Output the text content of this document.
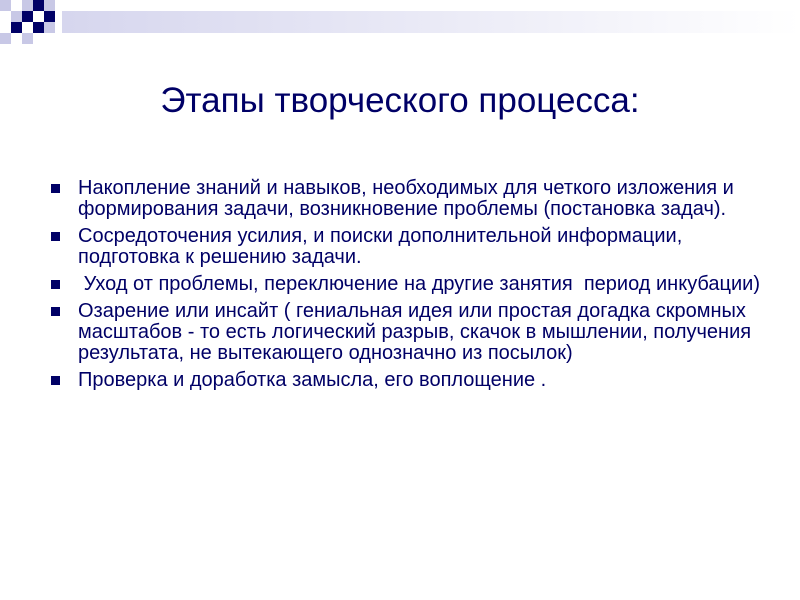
Этапы творческого процесса:
Накопление знаний и навыков, необходимых для четкого изложения и формирования задачи, возникновение проблемы (постановка задач).
Сосредоточения усилия, и поиски дополнительной информации, подготовка к решению задачи.
Уход от проблемы, переключение на другие занятия  период инкубации)
Озарение или инсайт ( гениальная идея или простая догадка скромных масштабов - то есть логический разрыв, скачок в мышлении, получения результата, не вытекающего однозначно из посылок)
Проверка и доработка замысла, его воплощение .
